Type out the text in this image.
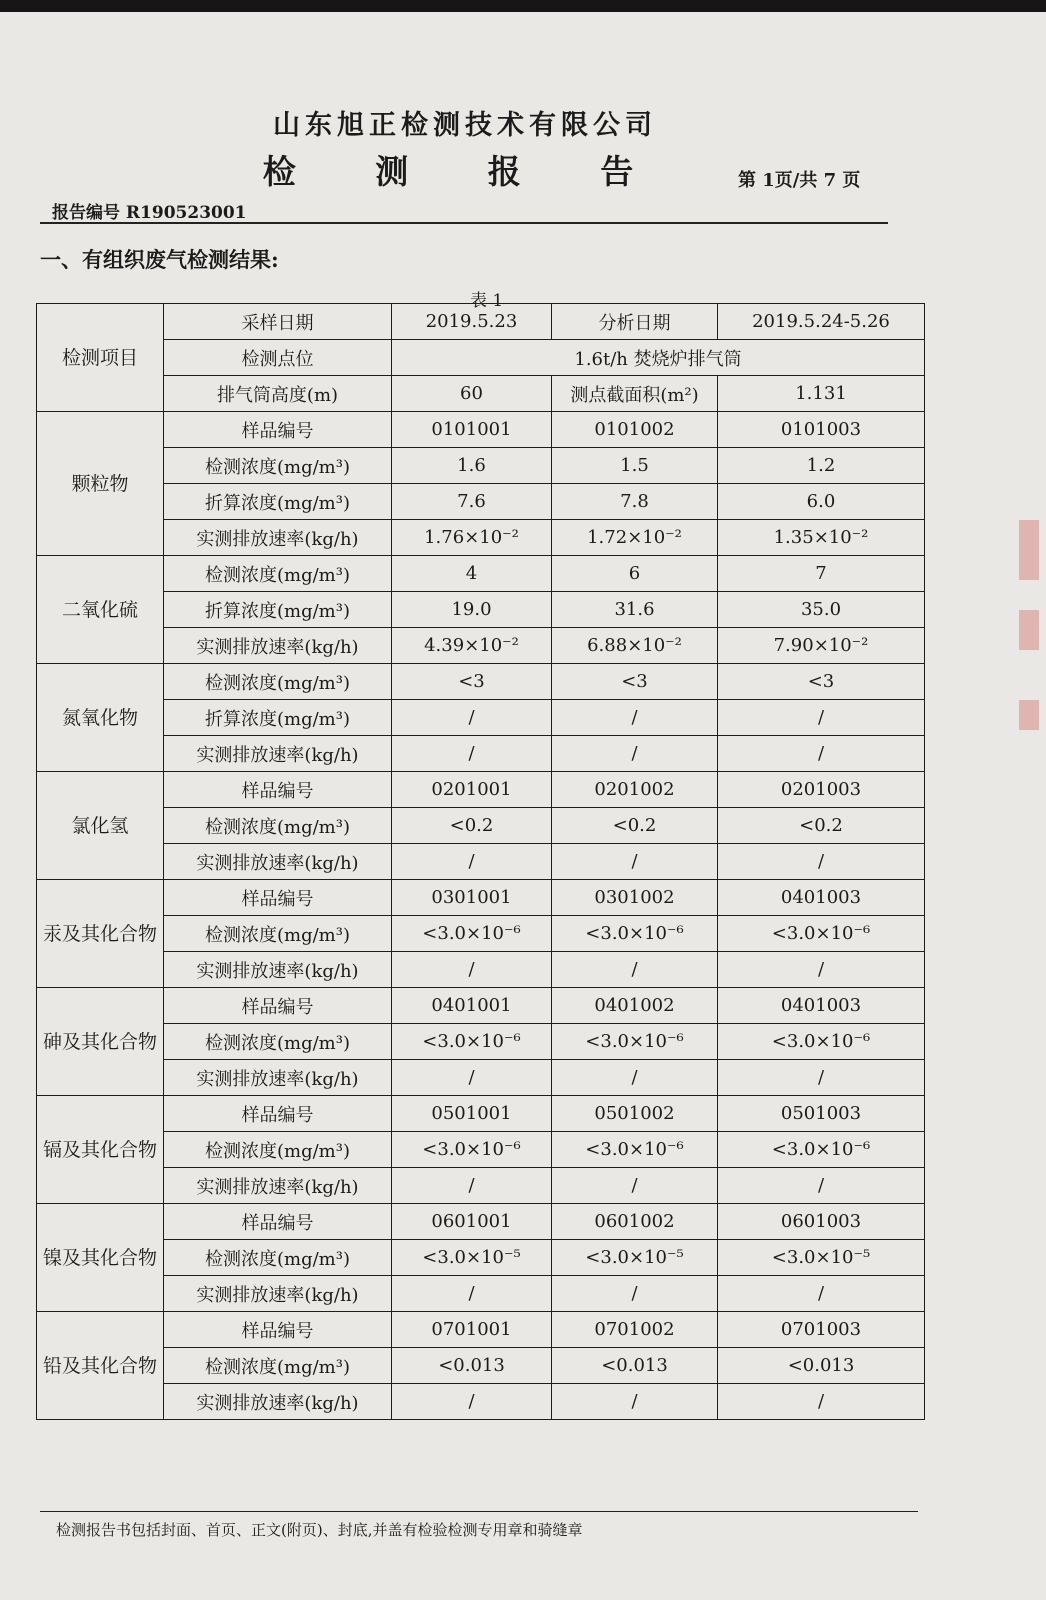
山东旭正检测技术有限公司
检 测 报 告	第 1页/共 7 页
报告编号 R190523001
一、有组织废气检测结果:
表 1
检测项目	采样日期	2019.5.23	分析日期	2019.5.24-5.26
	检测点位	1.6t/h 焚烧炉排气筒		
	排气筒高度(m)	60	测点截面积(m²)	1.131
颗粒物	样品编号	0101001	0101002	0101003
	检测浓度(mg/m³)	1.6	1.5	1.2
	折算浓度(mg/m³)	7.6	7.8	6.0
	实测排放速率(kg/h)	1.76×10⁻²	1.72×10⁻²	1.35×10⁻²
二氧化硫	检测浓度(mg/m³)	4	6	7
	折算浓度(mg/m³)	19.0	31.6	35.0
	实测排放速率(kg/h)	4.39×10⁻²	6.88×10⁻²	7.90×10⁻²
氮氧化物	检测浓度(mg/m³)	<3	<3	<3
	折算浓度(mg/m³)	/	/	/
	实测排放速率(kg/h)	/	/	/
氯化氢	样品编号	0201001	0201002	0201003
	检测浓度(mg/m³)	<0.2	<0.2	<0.2
	实测排放速率(kg/h)	/	/	/
汞及其化合物	样品编号	0301001	0301002	0401003
	检测浓度(mg/m³)	<3.0×10⁻⁶	<3.0×10⁻⁶	<3.0×10⁻⁶
	实测排放速率(kg/h)	/	/	/
砷及其化合物	样品编号	0401001	0401002	0401003
	检测浓度(mg/m³)	<3.0×10⁻⁶	<3.0×10⁻⁶	<3.0×10⁻⁶
	实测排放速率(kg/h)	/	/	/
镉及其化合物	样品编号	0501001	0501002	0501003
	检测浓度(mg/m³)	<3.0×10⁻⁶	<3.0×10⁻⁶	<3.0×10⁻⁶
	实测排放速率(kg/h)	/	/	/
镍及其化合物	样品编号	0601001	0601002	0601003
	检测浓度(mg/m³)	<3.0×10⁻⁵	<3.0×10⁻⁵	<3.0×10⁻⁵
	实测排放速率(kg/h)	/	/	/
铅及其化合物	样品编号	0701001	0701002	0701003
	检测浓度(mg/m³)	<0.013	<0.013	<0.013
	实测排放速率(kg/h)	/	/	/
检测报告书包括封面、首页、正文(附页)、封底,并盖有检验检测专用章和骑缝章
